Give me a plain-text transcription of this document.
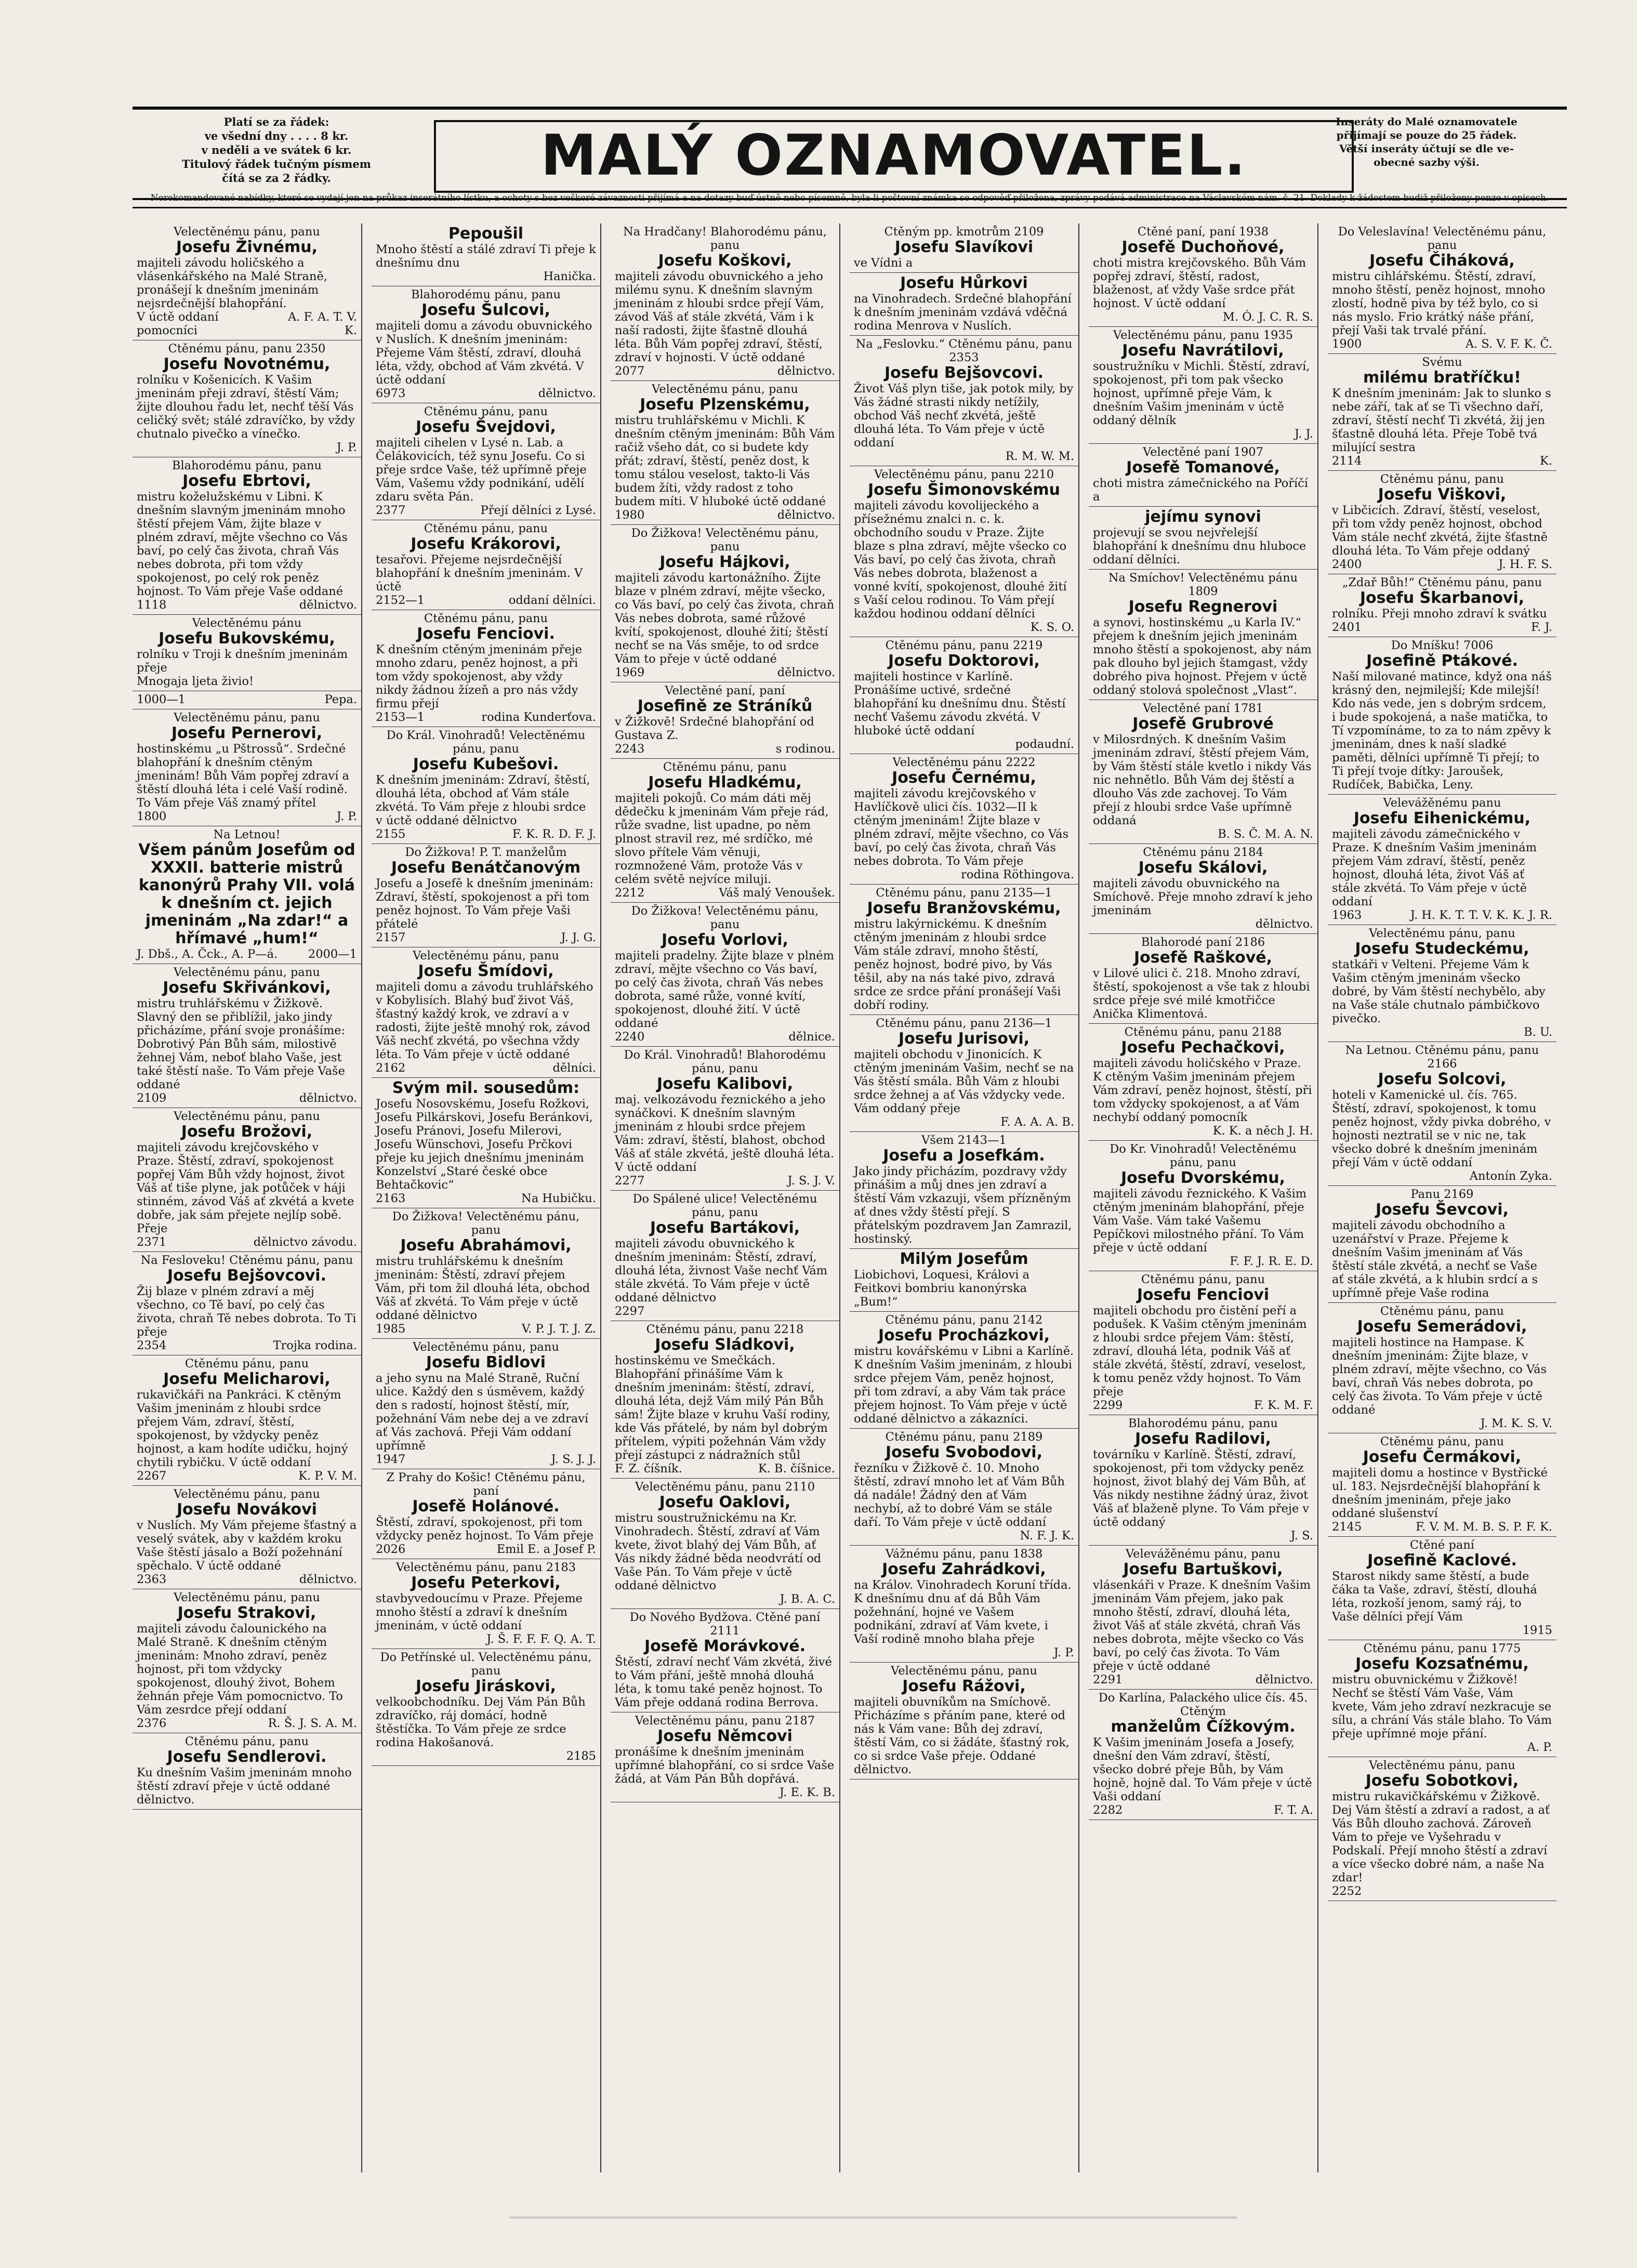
Platí se za řádek:
ve všední dny . . . . 8 kr.
v neděli a ve svátek 6 kr.
Titulový řádek tučným písmem
čítá se za 2 řádky.	MALÝ OZNAMOVATEL.
Inseráty do Malé oznamovatele
přijímají se pouze do 25 řádek.
Větší inseráty účtují se dle ve-
obecné sazby výši.
Nerekomandované nabídky, které se vydají jen na průkaz inserátního lístku, a ochoty s bez veškeré závaznosti přijímá a na dotazy buď ústně nebo písemně, byla-li poštovní známka se odpověď přiložena, zprávy podává administrace na Václavském nám. č. 21. Doklady k žádostem budiž přiloženy penze v opisech.
Velectěnému pánu, panu
Josefu Živnému,
majiteli závodu holičského a vlásenkářského na Malé Straně, pronášejí k dnešním jmeninám nejsrdečnější blahopřání.
V úctě oddaní pomocníci
A. F. A. T. V. K.
Ctěnému pánu, panu 2350
Josefu Novotnému,
rolníku v Košenicích. K Vašim jmeninám přeji zdraví, štěstí Vám; žijte dlouhou řadu let, nechť těší Vás celičký svět; stálé zdravíčko, by vždy chutnalo pivečko a vínečko.
J. P.
Blahorodému pánu, panu
Josefu Ebrtovi,
mistru koželužskému v Libni. K dnešním slavným jmeninám mnoho štěstí přejem Vám, žijte blaze v plném zdraví, mějte všechno co Vás baví, po celý čas života, chraň Vás nebes dobrota, při tom vždy spokojenost, po celý rok peněz hojnost. To Vám přeje Vaše oddané
1118	dělnictvo.
Velectěnému pánu
Josefu Bukovskému,
rolníku v Troji k dnešním jmeninám přeje
Mnogaja ljeta živio!
1000—1	Pepa.
Velectěnému pánu, panu
Josefu Pernerovi,
hostinskému „u Pštrossů“. Srdečné blahopřání k dnešním ctěným jmeninám! Bůh Vám popřej zdraví a štěstí dlouhá léta i celé Vaší rodině. To Vám přeje Váš znamý přítel
1800	J. P.
Na Letnou!
Všem pánům Josefům od XXXII. batterie mistrů kanonýrů Prahy VII. volá k dnešním ct. jejich jmeninám „Na zdar!“ a hřímavé „hum!“
J. Dbš., A. Čck., A. P—á.	2000—1
Velectěnému pánu, panu
Josefu Skřivánkovi,
mistru truhlářskému v Žižkově. Slavný den se přiblížil, jako jindy přicházíme, přání svoje pronášíme: Dobrotivý Pán Bůh sám, milostivě žehnej Vám, neboť blaho Vaše, jest také štěstí naše. To Vám přeje Vaše oddané
2109	dělnictvo.
Velectěnému pánu, panu
Josefu Brožovi,
majiteli závodu krejčovského v Praze. Štěstí, zdraví, spokojenost popřej Vám Bůh vždy hojnost, život Váš ať tiše plyne, jak potůček v háji stinném, závod Váš ať zkvétá a kvete dobře, jak sám přejete nejlíp sobě. Přeje
2371	dělnictvo závodu.
Na Fesloveku! Ctěnému pánu, panu
Josefu Bejšovcovi.
Žij blaze v plném zdraví a měj všechno, co Tě baví, po celý čas života, chraň Tě nebes dobrota. To Ti přeje
2354	Trojka rodina.
Ctěnému pánu, panu
Josefu Melicharovi,
rukavičkáři na Pankráci. K ctěným Vašim jmeninám z hloubi srdce přejem Vám, zdraví, štěstí, spokojenost, by vždycky peněz hojnost, a kam hodíte udičku, hojný chytili rybičku. V úctě oddaní
2267	K. P. V. M.
Velectěnému pánu, panu
Josefu Novákovi
v Nuslích. My Vám přejeme šťastný a veselý svátek, aby v každém kroku Vaše štěstí jásalo a Boží požehnání spěchalo. V úctě oddané
2363	dělnictvo.
Velectěnému pánu, panu
Josefu Strakovi,
majiteli závodu čalounického na Malé Straně. K dnešním ctěným jmeninám: Mnoho zdraví, peněz hojnost, při tom vždycky spokojenost, dlouhý život, Bohem žehnán přeje Vám pomocnictvo. To Vám zesrdce přejí oddaní
2376	R. Š. J. S. A. M.
Ctěnému pánu, panu
Josefu Sendlerovi.
Ku dnešním Vašim jmeninám mnoho štěstí zdraví přeje v úctě oddané dělnictvo.
Pepoušil
Mnoho štěstí a stálé zdraví Ti přeje k dnešnímu dnu
Hanička.
Blahorodému pánu, panu
Josefu Šulcovi,
majiteli domu a závodu obuvnického v Nuslích. K dnešním jmeninám: Přejeme Vám štěstí, zdraví, dlouhá léta, vždy, obchod ať Vám zkvétá. V úctě oddaní
6973	dělnictvo.
Ctěnému pánu, panu
Josefu Švejdovi,
majiteli cihelen v Lysé n. Lab. a Čelákovicích, též synu Josefu. Co si přeje srdce Vaše, též upřímně přeje Vám, Vašemu vždy podnikání, udělí zdaru světa Pán.
2377	Přejí dělníci z Lysé.
Ctěnému pánu, panu
Josefu Krákorovi,
tesařovi. Přejeme nejsrdečnější blahopřání k dnešním jmeninám. V úctě
2152—1	oddaní dělníci.
Ctěnému pánu, panu
Josefu Fenciovi.
K dnešním ctěným jmeninám přeje mnoho zdaru, peněz hojnost, a při tom vždy spokojenost, aby vždy nikdy žádnou žízeň a pro nás vždy firmu přejí
2153—1	rodina Kunderťova.
Do Král. Vinohradů! Velectěnému pánu, panu
Josefu Kubešovi.
K dnešním jmeninám: Zdraví, štěstí, dlouhá léta, obchod ať Vám stále zkvétá. To Vám přeje z hloubi srdce v úctě oddané dělnictvo
2155	F. K. R. D. F. J.
Do Žižkova! P. T. manželům
Josefu Benátčanovým
Josefu a Josefě k dnešním jmeninám: Zdraví, štěstí, spokojenost a při tom peněz hojnost. To Vám přeje Vaši přátelé
2157	J. J. G.
Velectěnému pánu, panu
Josefu Šmídovi,
majiteli domu a závodu truhlářského v Kobylisích. Blahý buď život Váš, šťastný každý krok, ve zdraví a v radosti, žijte ještě mnohý rok, závod Váš nechť zkvétá, po všechna vždy léta. To Vám přeje v úctě oddané
2162	dělníci.
Svým mil. sousedům:
Josefu Nosovskému, Josefu Rožkovi, Josefu Pilkárskovi, Josefu Beránkovi, Josefu Pránovi, Josefu Milerovi, Josefu Wünschovi, Josefu Prčkovi přeje ku jejich dnešnímu jmeninám Konzelství „Staré české obce Behtačkovic“
2163	Na Hubičku.
Do Žižkova! Velectěnému pánu, panu
Josefu Abrahámovi,
mistru truhlářskému k dnešním jmeninám: Štěstí, zdraví přejem Vám, při tom žil dlouhá léta, obchod Váš ať zkvétá. To Vám přeje v úctě oddané dělnictvo
1985	V. P. J. T. J. Z.
Velectěnému pánu, panu
Josefu Bidlovi
a jeho synu na Malé Straně, Ruční ulice. Každý den s úsměvem, každý den s radostí, hojnost štěstí, mír, požehnání Vám nebe dej a ve zdraví ať Vás zachová. Přeji Vám oddaní upřímně
1947	J. S. J. J.
Z Prahy do Košic! Ctěnému pánu, paní
Josefě Holánové.
Štěstí, zdraví, spokojenost, při tom vždycky peněz hojnost. To Vám přeje
2026	Emil E. a Josef P.
Velectěnému pánu, panu 2183
Josefu Peterkovi,
stavbyvedoucímu v Praze. Přejeme mnoho štěstí a zdraví k dnešním jmeninám, v úctě oddaní
J. Š. F. F. F. Q. A. T.
Do Petřínské ul. Velectěnému pánu, panu
Josefu Jiráskovi,
velkoobchodníku. Dej Vám Pán Bůh zdravíčko, ráj domácí, hodně štěstíčka. To Vám přeje ze srdce rodina Hakošanová.
2185
Na Hradčany! Blahorodému pánu, panu
Josefu Koškovi,
majiteli závodu obuvnického a jeho milému synu. K dnešním slavným jmeninám z hloubi srdce přejí Vám, závod Váš ať stále zkvétá, Vám i k naší radosti, žijte šťastně dlouhá léta. Bůh Vám popřej zdraví, štěstí, zdraví v hojnosti. V úctě oddané
2077	dělnictvo.
Velectěnému pánu, panu
Josefu Plzenskému,
mistru truhlářskému v Michli. K dnešním ctěným jmeninám: Bůh Vám račiž všeho dát, co si budete kdy přát; zdraví, štěstí, peněz dost, k tomu stálou veselost, takto-li Vás budem žíti, vždy radost z toho budem míti. V hluboké úctě oddané
1980	dělnictvo.
Do Žižkova! Velectěnému pánu, panu
Josefu Hájkovi,
majiteli závodu kartonážního. Žijte blaze v plném zdraví, mějte všecko, co Vás baví, po celý čas života, chraň Vás nebes dobrota, samé růžové kvítí, spokojenost, dlouhé žití; štěstí nechť se na Vás směje, to od srdce Vám to přeje v úctě oddané
1969	dělnictvo.
Velectěné paní, paní
Josefině ze Stráníků
v Žižkově! Srdečné blahopřání od Gustava Z.
2243	s rodinou.
Ctěnému pánu, panu
Josefu Hladkému,
majiteli pokojů. Co mám dáti měj dědečku k jmeninám Vám přeje rád, růže svadne, list upadne, po něm plnost stravil rez, mé srdíčko, mé slovo přítele Vám věnuji, rozmnožené Vám, protože Vás v celém světě nejvíce miluji.
2212	Váš malý Venoušek.
Do Žižkova! Velectěnému pánu, panu
Josefu Vorlovi,
majiteli pradelny. Žijte blaze v plném zdraví, mějte všechno co Vás baví, po celý čas života, chraň Vás nebes dobrota, samé růže, vonné kvítí, spokojenost, dlouhé žití. V úctě oddané
2240	dělnice.
Do Král. Vinohradů! Blahorodému pánu, panu
Josefu Kalibovi,
maj. velkozávodu řeznického a jeho synáčkovi. K dnešním slavným jmeninám z hloubi srdce přejem Vám: zdraví, štěstí, blahost, obchod Váš ať stále zkvétá, ještě dlouhá léta. V úctě oddaní
2277	J. S. J. V.
Do Spálené ulice! Velectěnému pánu, panu
Josefu Bartákovi,
majiteli závodu obuvnického k dnešním jmeninám: Štěstí, zdraví, dlouhá léta, živnost Vaše nechť Vám stále zkvétá. To Vám přeje v úctě oddané dělnictvo
2297
Ctěnému pánu, panu 2218
Josefu Sládkovi,
hostinskému ve Smečkách. Blahopřání přinášíme Vám k dnešním jmeninám: štěstí, zdraví, dlouhá léta, dejž Vám milý Pán Bůh sám! Žijte blaze v kruhu Vaší rodiny, kde Vás přátelé, by nám byl dobrým přítelem, výpiti požehnán Vám vždy přejí zástupci z nádražních stůl
F. Z. číšník.	K. B. číšnice.
Velectěnému pánu, panu 2110
Josefu Oaklovi,
mistru soustružnickému na Kr. Vinohradech. Štěstí, zdraví ať Vám kvete, život blahý dej Vám Bůh, ať Vás nikdy žádné běda neodvrátí od Vaše Pán. To Vám přeje v úctě oddané dělnictvo
J. B. A. C.
Do Nového Bydžova. Ctěné paní 2111
Josefě Morávkové.
Štěstí, zdraví nechť Vám zkvétá, živé to Vám přání, ještě mnohá dlouhá léta, k tomu také peněz hojnost. To Vám přeje oddaná rodina Berrova.
Velectěnému pánu, panu 2187
Josefu Němcovi
pronášíme k dnešním jmeninám upřímné blahopřání, co si srdce Vaše žádá, at Vám Pán Bůh dopřává.
J. E. K. B.
Ctěným pp. kmotrům 2109
Josefu Slavíkovi
ve Vídni a
Josefu Hůrkovi
na Vinohradech. Srdečné blahopřání k dnešním jmeninám vzdává vděčná rodina Menrova v Nuslích.
Na „Feslovku.“ Ctěnému pánu, panu 2353
Josefu Bejšovcovi.
Život Váš plyn tiše, jak potok mily, by Vás žádné strasti nikdy netížily, obchod Váš nechť zkvétá, ještě dlouhá léta. To Vám přeje v úctě oddaní
R. M. W. M.
Velectěnému pánu, panu 2210
Josefu Šimonovskému
majiteli závodu kovolijeckého a přísežnému znalci n. c. k. obchodního soudu v Praze. Žijte blaze s plna zdraví, mějte všecko co Vás baví, po celý čas života, chraň Vás nebes dobrota, blaženost a vonné kvítí, spokojenost, dlouhé žití s Vaší celou rodinou. To Vám přejí každou hodinou oddaní dělníci
K. S. O.
Ctěnému pánu, panu 2219
Josefu Doktorovi,
majiteli hostince v Karlíně. Pronášíme uctivé, srdečné blahopřání ku dnešnímu dnu. Štěstí nechť Vašemu závodu zkvétá. V hluboké úctě oddaní
podaudní.
Velectěnému pánu 2222
Josefu Černému,
majiteli závodu krejčovského v Havlíčkově ulici čís. 1032—II k ctěným jmeninám! Žijte blaze v plném zdraví, mějte všechno, co Vás baví, po celý čas života, chraň Vás nebes dobrota. To Vám přeje
rodina Röthingova.
Ctěnému pánu, panu 2135—1
Josefu Branžovskému,
mistru lakýrnickému. K dnešním ctěným jmeninám z hloubi srdce Vám stále zdraví, mnoho štěstí, peněz hojnost, bodré pivo, by Vás těšil, aby na nás také pivo, zdravá srdce ze srdce přání pronášejí Vaši dobří rodiny.
Ctěnému pánu, panu 2136—1
Josefu Jurisovi,
majiteli obchodu v Jinonicích. K ctěným jmeninám Vašim, nechť se na Vás štěstí smála. Bůh Vám z hloubi srdce žehnej a ať Vás vždycky vede. Vám oddaný přeje
F. A. A. A. B.
Všem 2143—1
Josefu a Josefkám.
Jako jindy přicházím, pozdravy vždy přinášim a můj dnes jen zdraví a štěstí Vám vzkazuji, všem přízněným ať dnes vždy štěstí přejí. S přátelským pozdravem Jan Zamrazil, hostinský.
Milým Josefům
Liobichovi, Loquesi, Královi a Feitkovi bombriu kanonýrska „Bum!“
Ctěnému pánu, panu 2142
Josefu Procházkovi,
mistru kovářskému v Libni a Karlíně. K dnešním Vašim jmeninám, z hloubi srdce přejem Vám, peněz hojnost, při tom zdraví, a aby Vám tak práce přejem hojnost. To Vám přeje v úctě oddané dělnictvo a zákazníci.
Ctěnému pánu, panu 2189
Josefu Svobodovi,
řezníku v Žižkově č. 10. Mnoho štěstí, zdraví mnoho let ať Vám Bůh dá nadále! Žádný den ať Vám nechybí, až to dobré Vám se stále daří. To Vám přeje v úctě oddaní
N. F. J. K.
Vážnému pánu, panu 1838
Josefu Zahrádkovi,
na Králov. Vinohradech Koruní třída. K dnešnímu dnu ať dá Bůh Vám požehnání, hojné ve Vašem podnikání, zdraví ať Vám kvete, i Vaší rodině mnoho blaha přeje
J. P.
Velectěnému pánu, panu
Josefu Rážovi,
majiteli obuvníkům na Smíchově. Přicházíme s přáním pane, které od nás k Vám vane: Bůh dej zdraví, štěstí Vám, co si žádáte, šťastný rok, co si srdce Vaše přeje. Oddané dělnictvo.
Ctěné paní, paní 1938
Josefě Duchoňové,
choti mistra krejčovského. Bůh Vám popřej zdraví, štěstí, radost, blaženost, ať vždy Vaše srdce přát hojnost. V úctě oddaní
M. Ó. J. C. R. S.
Velectěnému pánu, panu 1935
Josefu Navrátilovi,
soustružníku v Michli. Štěstí, zdraví, spokojenost, při tom pak všecko hojnost, upřímně přeje Vám, k dnešním Vašim jmeninám v úctě oddaný dělník
J. J.
Velectěné paní 1907
Josefě Tomanové,
choti mistra zámečnického na Poříčí a
jejímu synovi
projevují se svou nejvřelejší blahopřání k dnešnímu dnu hluboce oddaní dělníci.
Na Smíchov! Velectěnému pánu 1809
Josefu Regnerovi
a synovi, hostinskému „u Karla IV.“ přejem k dnešním jejich jmeninám mnoho štěstí a spokojenost, aby nám pak dlouho byl jejich štamgast, vždy dobrého piva hojnost. Přejem v úctě oddaný stolová společnost „Vlast“.
Velectěné paní 1781
Josefě Grubrové
v Milosrdných. K dnešním Vašim jmeninám zdraví, štěstí přejem Vám, by Vám štěstí stále kvetlo i nikdy Vás nic nehnětlo. Bůh Vám dej štěstí a dlouho Vás zde zachovej. To Vám přejí z hloubi srdce Vaše upřímně oddaná
B. S. Č. M. A. N.
Ctěnému pánu 2184
Josefu Skálovi,
majiteli závodu obuvnického na Smíchově. Přeje mnoho zdraví k jeho jmeninám
dělnictvo.
Blahorodé paní 2186
Josefě Raškové,
v Lilové ulici č. 218. Mnoho zdraví, štěstí, spokojenost a vše tak z hloubi srdce přeje své milé kmotřičce Anička Klimentová.
Ctěnému pánu, panu 2188
Josefu Pechačkovi,
majiteli závodu holičského v Praze. K ctěným Vašim jmeninám přejem Vám zdraví, peněz hojnost, štěstí, při tom vždycky spokojenost, a ať Vám nechybí oddaný pomocník
K. K. a něch J. H.
Do Kr. Vinohradů! Velectěnému pánu, panu
Josefu Dvorskému,
majiteli závodu řeznického. K Vašim ctěným jmeninám blahopřání, přeje Vám Vaše. Vám také Vašemu Pepíčkovi milostného přání. To Vám přeje v úctě oddaní
F. F. J. R. E. D.
Ctěnému pánu, panu
Josefu Fenciovi
majiteli obchodu pro čistění peří a podušek. K Vašim ctěným jmeninám z hloubi srdce přejem Vám: štěstí, zdraví, dlouhá léta, podnik Váš ať stále zkvétá, štěstí, zdraví, veselost, k tomu peněz vždy hojnost. To Vám přeje
2299	F. K. M. F.
Blahorodému pánu, panu
Josefu Radilovi,
továrníku v Karlíně. Štěstí, zdraví, spokojenost, při tom vždycky peněz hojnost, život blahý dej Vám Bůh, ať Vás nikdy nestihne žádný úraz, život Váš ať blaženě plyne. To Vám přeje v úctě oddaný
J. S.
Velevážěnému pánu, panu
Josefu Bartuškovi,
vlásenkáři v Praze. K dnešním Vašim jmeninám Vám přejem, jako pak mnoho štěstí, zdraví, dlouhá léta, život Váš ať stále zkvétá, chraň Vás nebes dobrota, mějte všecko co Vás baví, po celý čas života. To Vám přeje v úctě oddané
2291	dělnictvo.
Do Karlína, Palackého ulice čís. 45. Ctěným
manželům Čížkovým.
K Vašim jmeninám Josefa a Josefy, dnešní den Vám zdraví, štěstí, všecko dobré přeje Bůh, by Vám hojně, hojně dal. To Vám přeje v úctě Vaši oddaní
2282	F. T. A.
Do Veleslavína! Velectěnému pánu, panu
Josefu Čiháková,
mistru cihlářskému. Štěstí, zdraví, mnoho štěstí, peněz hojnost, mnoho zlostí, hodně piva by též bylo, co si nás myslo. Frio krátký náše přání, přejí Vaši tak trvalé přání.
1900	A. S. V. F. K. Č.
Svému
milému bratříčku!
K dnešním jmeninám: Jak to slunko s nebe září, tak ať se Ti všechno daří, zdraví, štěstí nechť Ti zkvétá, žij jen šťastně dlouhá léta. Přeje Tobě tvá milující sestra
2114	K.
Ctěnému pánu, panu
Josefu Viškovi,
v Libčicích. Zdraví, štěstí, veselost, při tom vždy peněz hojnost, obchod Vám stále nechť zkvétá, žijte šťastně dlouhá léta. To Vám přeje oddaný
2400	J. H. F. S.
„Zdař Bůh!“ Ctěnému pánu, panu
Josefu Škarbanovi,
rolníku. Přeji mnoho zdraví k svátku
2401	F. J.
Do Mníšku! 7006
Josefině Ptákové.
Naší milované matince, když ona náš krásný den, nejmilejší; Kde milejší! Kdo nás vede, jen s dobrým srdcem, i bude spokojená, a naše matička, to Tí vzpomínáme, to za to nám zpěvy k jmeninám, dnes k naší sladké paměti, dělníci upřímně Ti přejí; to Ti přejí tvoje dítky: Jaroušek, Rudíček, Babička, Leny.
Velevážěnému panu
Josefu Eihenickému,
majiteli závodu zámečnického v Praze. K dnešním Vašim jmeninám přejem Vám zdraví, štěstí, peněz hojnost, dlouhá léta, život Váš ať stále zkvétá. To Vám přeje v úctě oddaní
1963	J. H. K. T. T. V. K. K. J. R.
Velectěnému pánu, panu
Josefu Studeckému,
statkáři v Velteni. Přejeme Vám k Vašim ctěným jmeninám všecko dobré, by Vám štěstí nechybělo, aby na Vaše stále chutnalo pámbičkovo pivečko.
B. U.
Na Letnou. Ctěnému pánu, panu 2166
Josefu Solcovi,
hoteli v Kamenické ul. čís. 765. Štěstí, zdraví, spokojenost, k tomu peněz hojnost, vždy pivka dobrého, v hojnosti neztratil se v nic ne, tak všecko dobré k dnešním jmeninám přejí Vám v úctě oddaní
Antonín Zyka.
Panu 2169
Josefu Ševcovi,
majiteli závodu obchodního a uzenářství v Praze. Přejeme k dnešním Vašim jmeninám ať Vás štěstí stále zkvétá, a nechť se Vaše ať stále zkvétá, a k hlubin srdcí a s upřímně přeje Vaše rodina
Ctěnému pánu, panu
Josefu Semerádovi,
majiteli hostince na Hampase. K dnešním jmeninám: Žijte blaze, v plném zdraví, mějte všechno, co Vás baví, chraň Vás nebes dobrota, po celý čas života. To Vám přeje v úctě oddané
J. M. K. S. V.
Ctěnému pánu, panu
Josefu Čermákovi,
majiteli domu a hostince v Bystřické ul. 183. Nejsrdečnější blahopřání k dnešním jmeninám, přeje jako oddané slušenství
2145	F. V. M. M. B. S. P. F. K.
Ctěné paní
Josefině Kaclové.
Starost nikdy same štěstí, a bude čáka ta Vaše, zdraví, štěstí, dlouhá léta, rozkoší jenom, samý ráj, to Vaše dělníci přejí Vám
1915
Ctěnému pánu, panu 1775
Josefu Kozsaťnému,
mistru obuvnickému v Žižkově! Nechť se štěstí Vám Vaše, Vám kvete, Vám jeho zdraví nezkracuje se sílu, a chrání Vás stále blaho. To Vám přeje upřímné moje přání.
A. P.
Velectěnému pánu, panu
Josefu Sobotkovi,
mistru rukavičkářskému v Žižkově. Dej Vám štěstí a zdraví a radost, a ať Vás Bůh dlouho zachová. Zároveň Vám to přeje ve Vyšehradu v Podskalí. Přejí mnoho štěstí a zdraví a více všecko dobré nám, a naše Na zdar!
2252
